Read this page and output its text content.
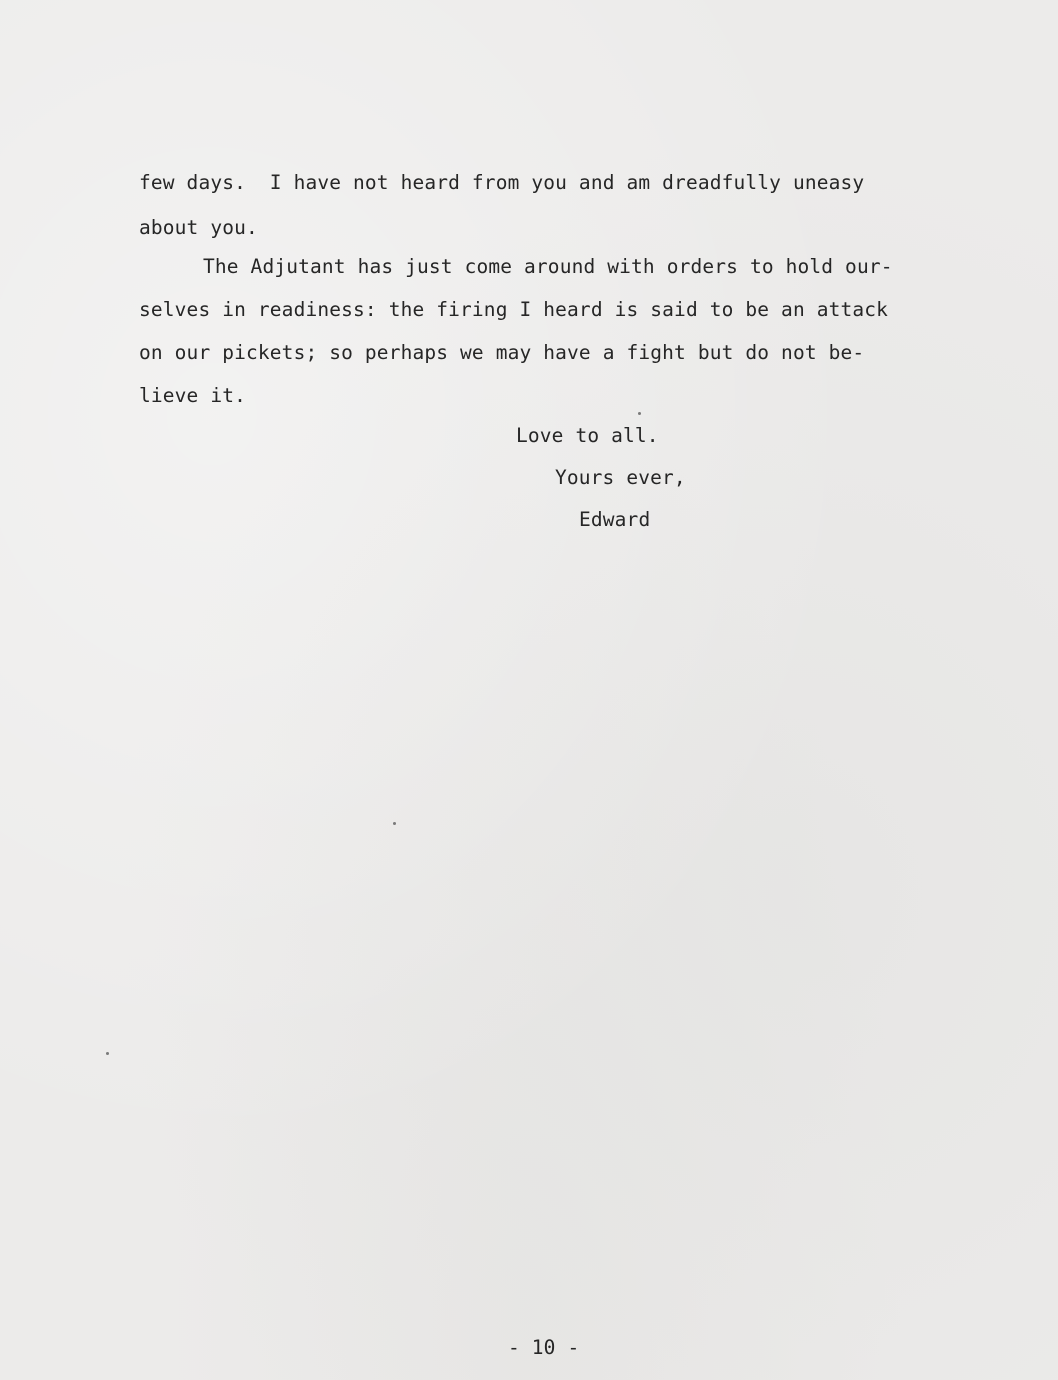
few days.  I have not heard from you and am dreadfully uneasy
about you.
The Adjutant has just come around with orders to hold our-
selves in readiness: the firing I heard is said to be an attack
on our pickets; so perhaps we may have a fight but do not be-
lieve it.
Love to all.
Yours ever,
Edward
- 10 -
